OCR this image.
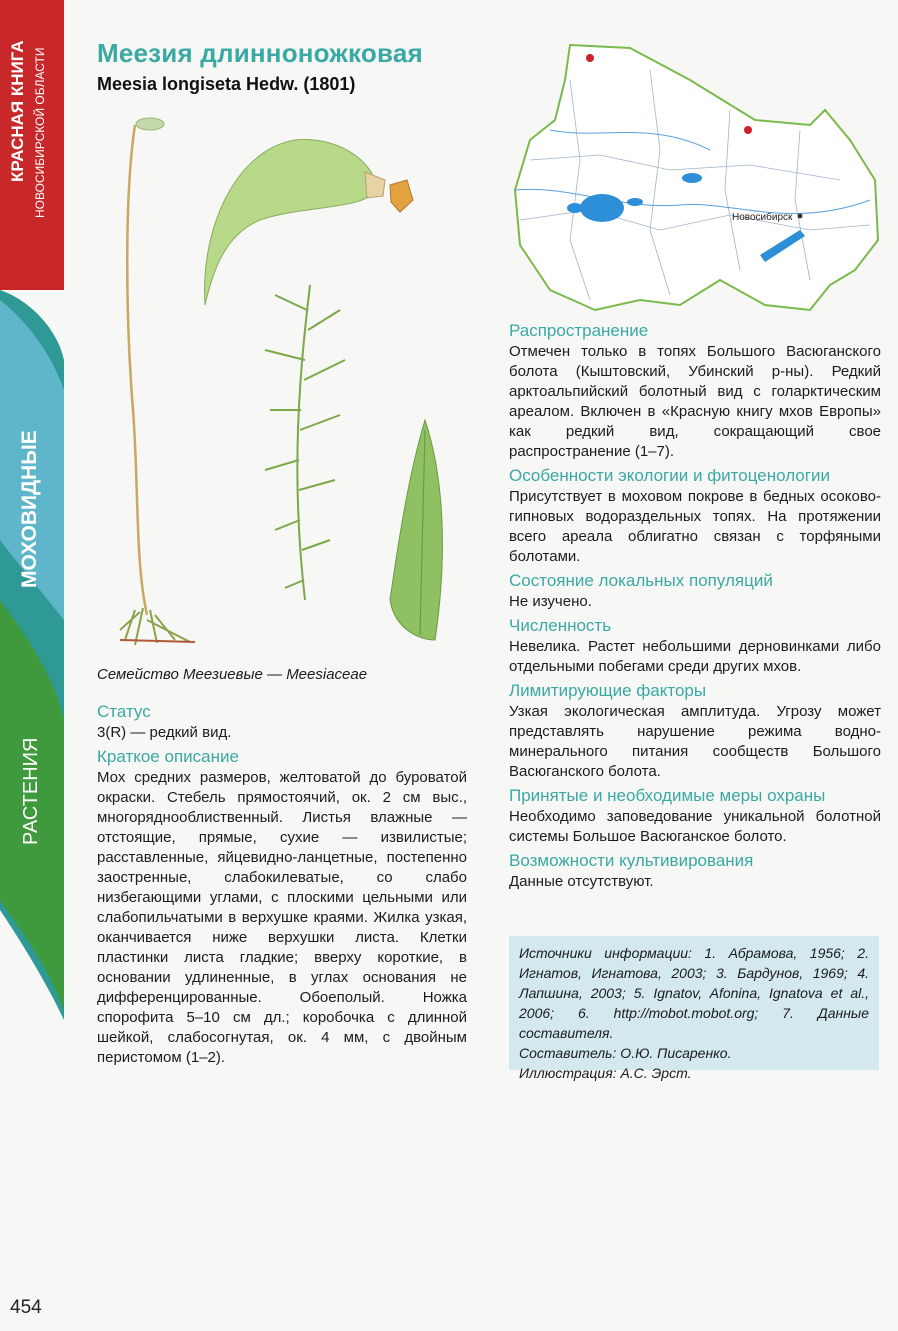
КРАСНАЯ КНИГА НОВОСИБИРСКОЙ ОБЛАСТИ
МОХОВИДНЫЕ
РАСТЕНИЯ
454
Меезия длинноножковая
Meesia longiseta Hedw. (1801)
Семейство Меезиевые — Meesiaceae
Статус

3(R) — редкий вид.

Краткое описание

Мох средних размеров, желтоватой до буроватой окраски. Стебель прямостоячий, ок. 2 см выс., многорядноoблиственный. Листья влажные — отстоящие, прямые, сухие — извилистые; расставленные, яйцевидно-ланцетные, постепенно заостренные, слабокилеватые, со слабо низбегающими углами, с плоскими цельными или слабопильчатыми в верхушке краями. Жилка узкая, оканчивается ниже верхушки листа. Клетки пластинки листа гладкие; вверху короткие, в основании удлиненные, в углах основания не дифференцированные. Обоеполый. Ножка спорофита 5–10 см дл.; коробочка с длинной шейкой, слабосогнутая, ок. 4 мм, с двойным перистомом (1–2).

Новосибирск
Распространение

Отмечен только в топях Большого Васюганского болота (Кыштовский, Убинский р-ны). Редкий арктоальпийский болотный вид с голарктическим ареалом. Включен в «Красную книгу мхов Европы» как редкий вид, сокращающий свое распространение (1–7).

Особенности экологии и фитоценологии

Присутствует в моховом покрове в бедных осоково-гипновых водораздельных топях. На протяжении всего ареала облигатно связан с торфяными болотами.

Состояние локальных популяций

Не изучено.

Численность

Невелика. Растет небольшими дерновинками либо отдельными побегами среди других мхов.

Лимитирующие факторы

Узкая экологическая амплитуда. Угрозу может представлять нарушение режима водно-минерального питания сообществ Большого Васюганского болота.

Принятые и необходимые меры охраны

Необходимо заповедование уникальной болотной системы Большое Васюганское болото.

Возможности культивирования

Данные отсутствуют.

Источники информации: 1. Абрамова, 1956; 2. Игнатов, Игнатова, 2003; 3. Бардунов, 1969; 4. Лапшина, 2003; 5. Ignatov, Afonina, Ignatova et al., 2006; 6. http://mobot.mobot.org; 7. Данные составителя.
Составитель: О.Ю. Писаренко.
Иллюстрация: А.С. Эрст.
